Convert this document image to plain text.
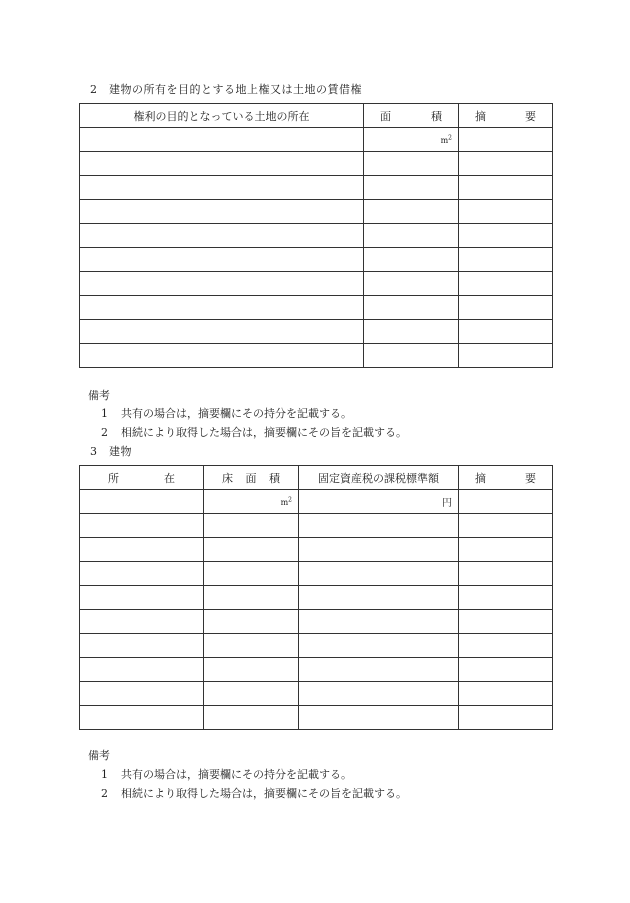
2　建物の所有を目的とする地上権又は土地の賃借権
権利の目的となっている土地の所在	面 積	摘 要

	$m^2$	

備考
1 共有の場合は，摘要欄にその持分を記載する。
2 相続により取得した場合は，摘要欄にその旨を記載する。
3　建物
所 在	床 面 積	固定資産税の課税標準額	摘 要

	$m^2$	円	

備考
1 共有の場合は，摘要欄にその持分を記載する。
2 相続により取得した場合は，摘要欄にその旨を記載する。
